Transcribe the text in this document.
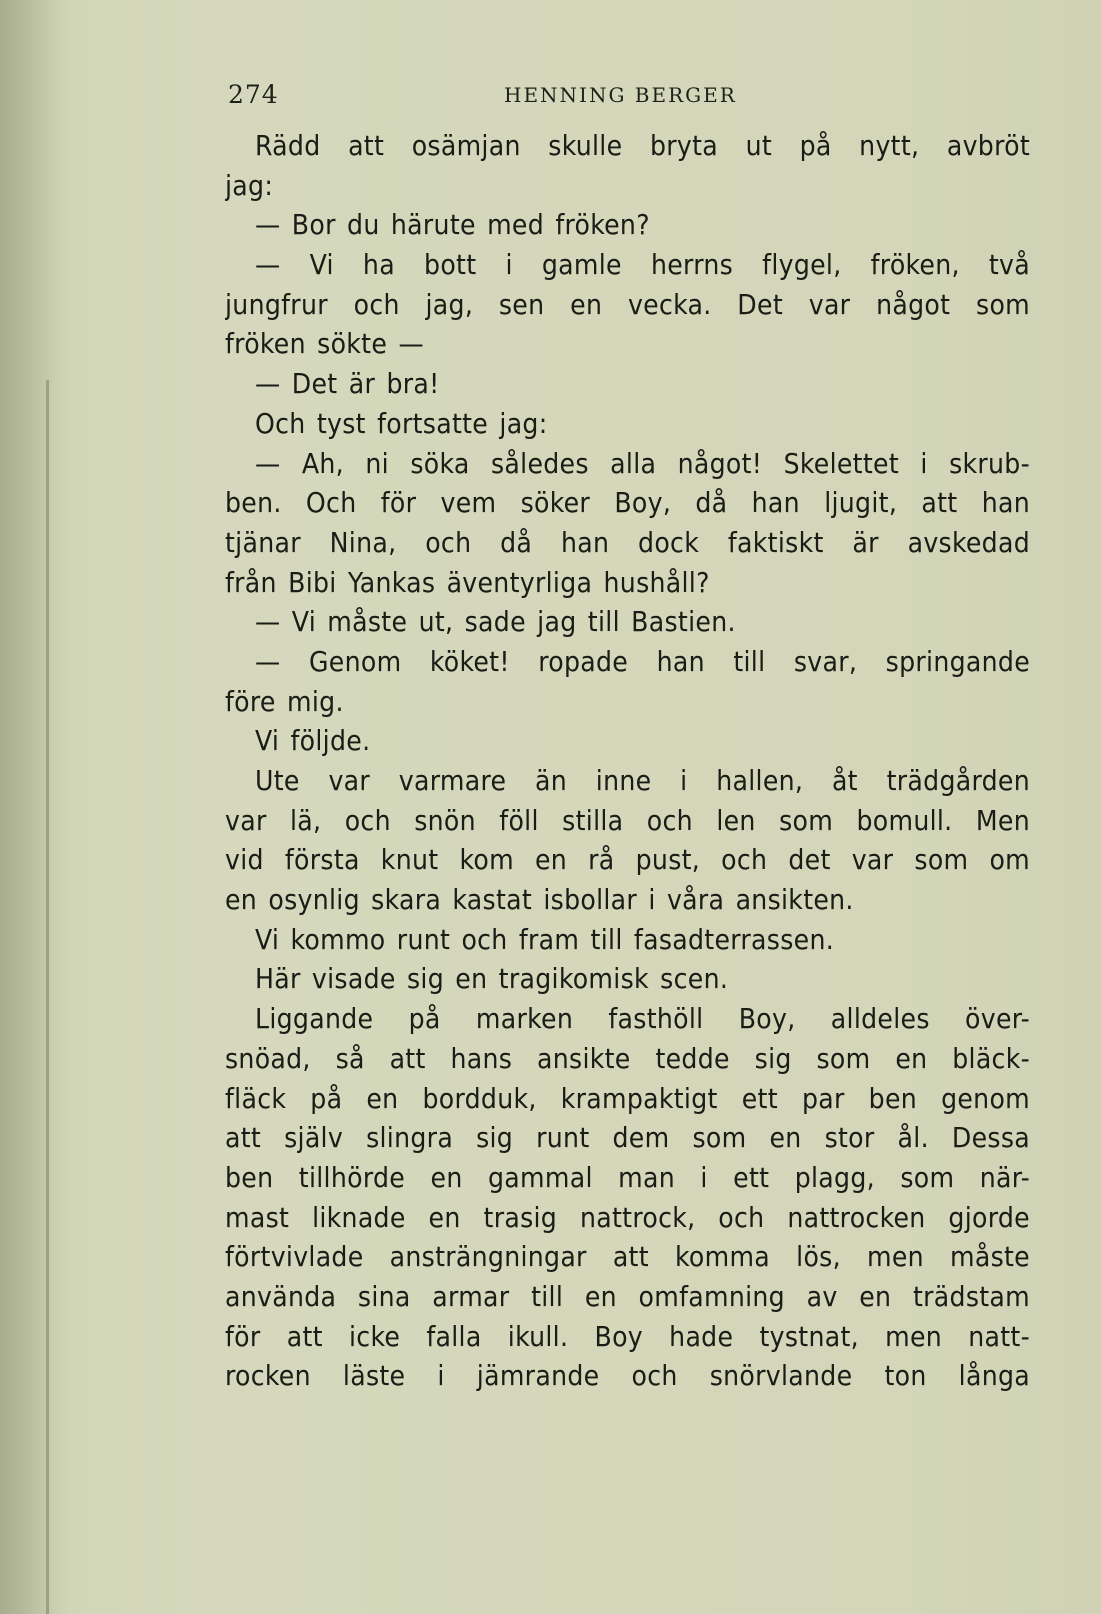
274	HENNING BERGER
Rädd att osämjan skulle bryta ut på nytt, avbröt
jag:
— Bor du härute med fröken?
— Vi ha bott i gamle herrns flygel, fröken, två
jungfrur och jag, sen en vecka. Det var något som
fröken sökte —
— Det är bra!
Och tyst fortsatte jag:
— Ah, ni söka således alla något! Skelettet i skrub-
ben. Och för vem söker Boy, då han ljugit, att han
tjänar Nina, och då han dock faktiskt är avskedad
från Bibi Yankas äventyrliga hushåll?
— Vi måste ut, sade jag till Bastien.
— Genom köket! ropade han till svar, springande
före mig.
Vi följde.
Ute var varmare än inne i hallen, åt trädgården
var lä, och snön föll stilla och len som bomull. Men
vid första knut kom en rå pust, och det var som om
en osynlig skara kastat isbollar i våra ansikten.
Vi kommo runt och fram till fasadterrassen.
Här visade sig en tragikomisk scen.
Liggande på marken fasthöll Boy, alldeles över-
snöad, så att hans ansikte tedde sig som en bläck-
fläck på en bordduk, krampaktigt ett par ben genom
att själv slingra sig runt dem som en stor ål. Dessa
ben tillhörde en gammal man i ett plagg, som när-
mast liknade en trasig nattrock, och nattrocken gjorde
förtvivlade ansträngningar att komma lös, men måste
använda sina armar till en omfamning av en trädstam
för att icke falla ikull. Boy hade tystnat, men natt-
rocken läste i jämrande och snörvlande ton långa
